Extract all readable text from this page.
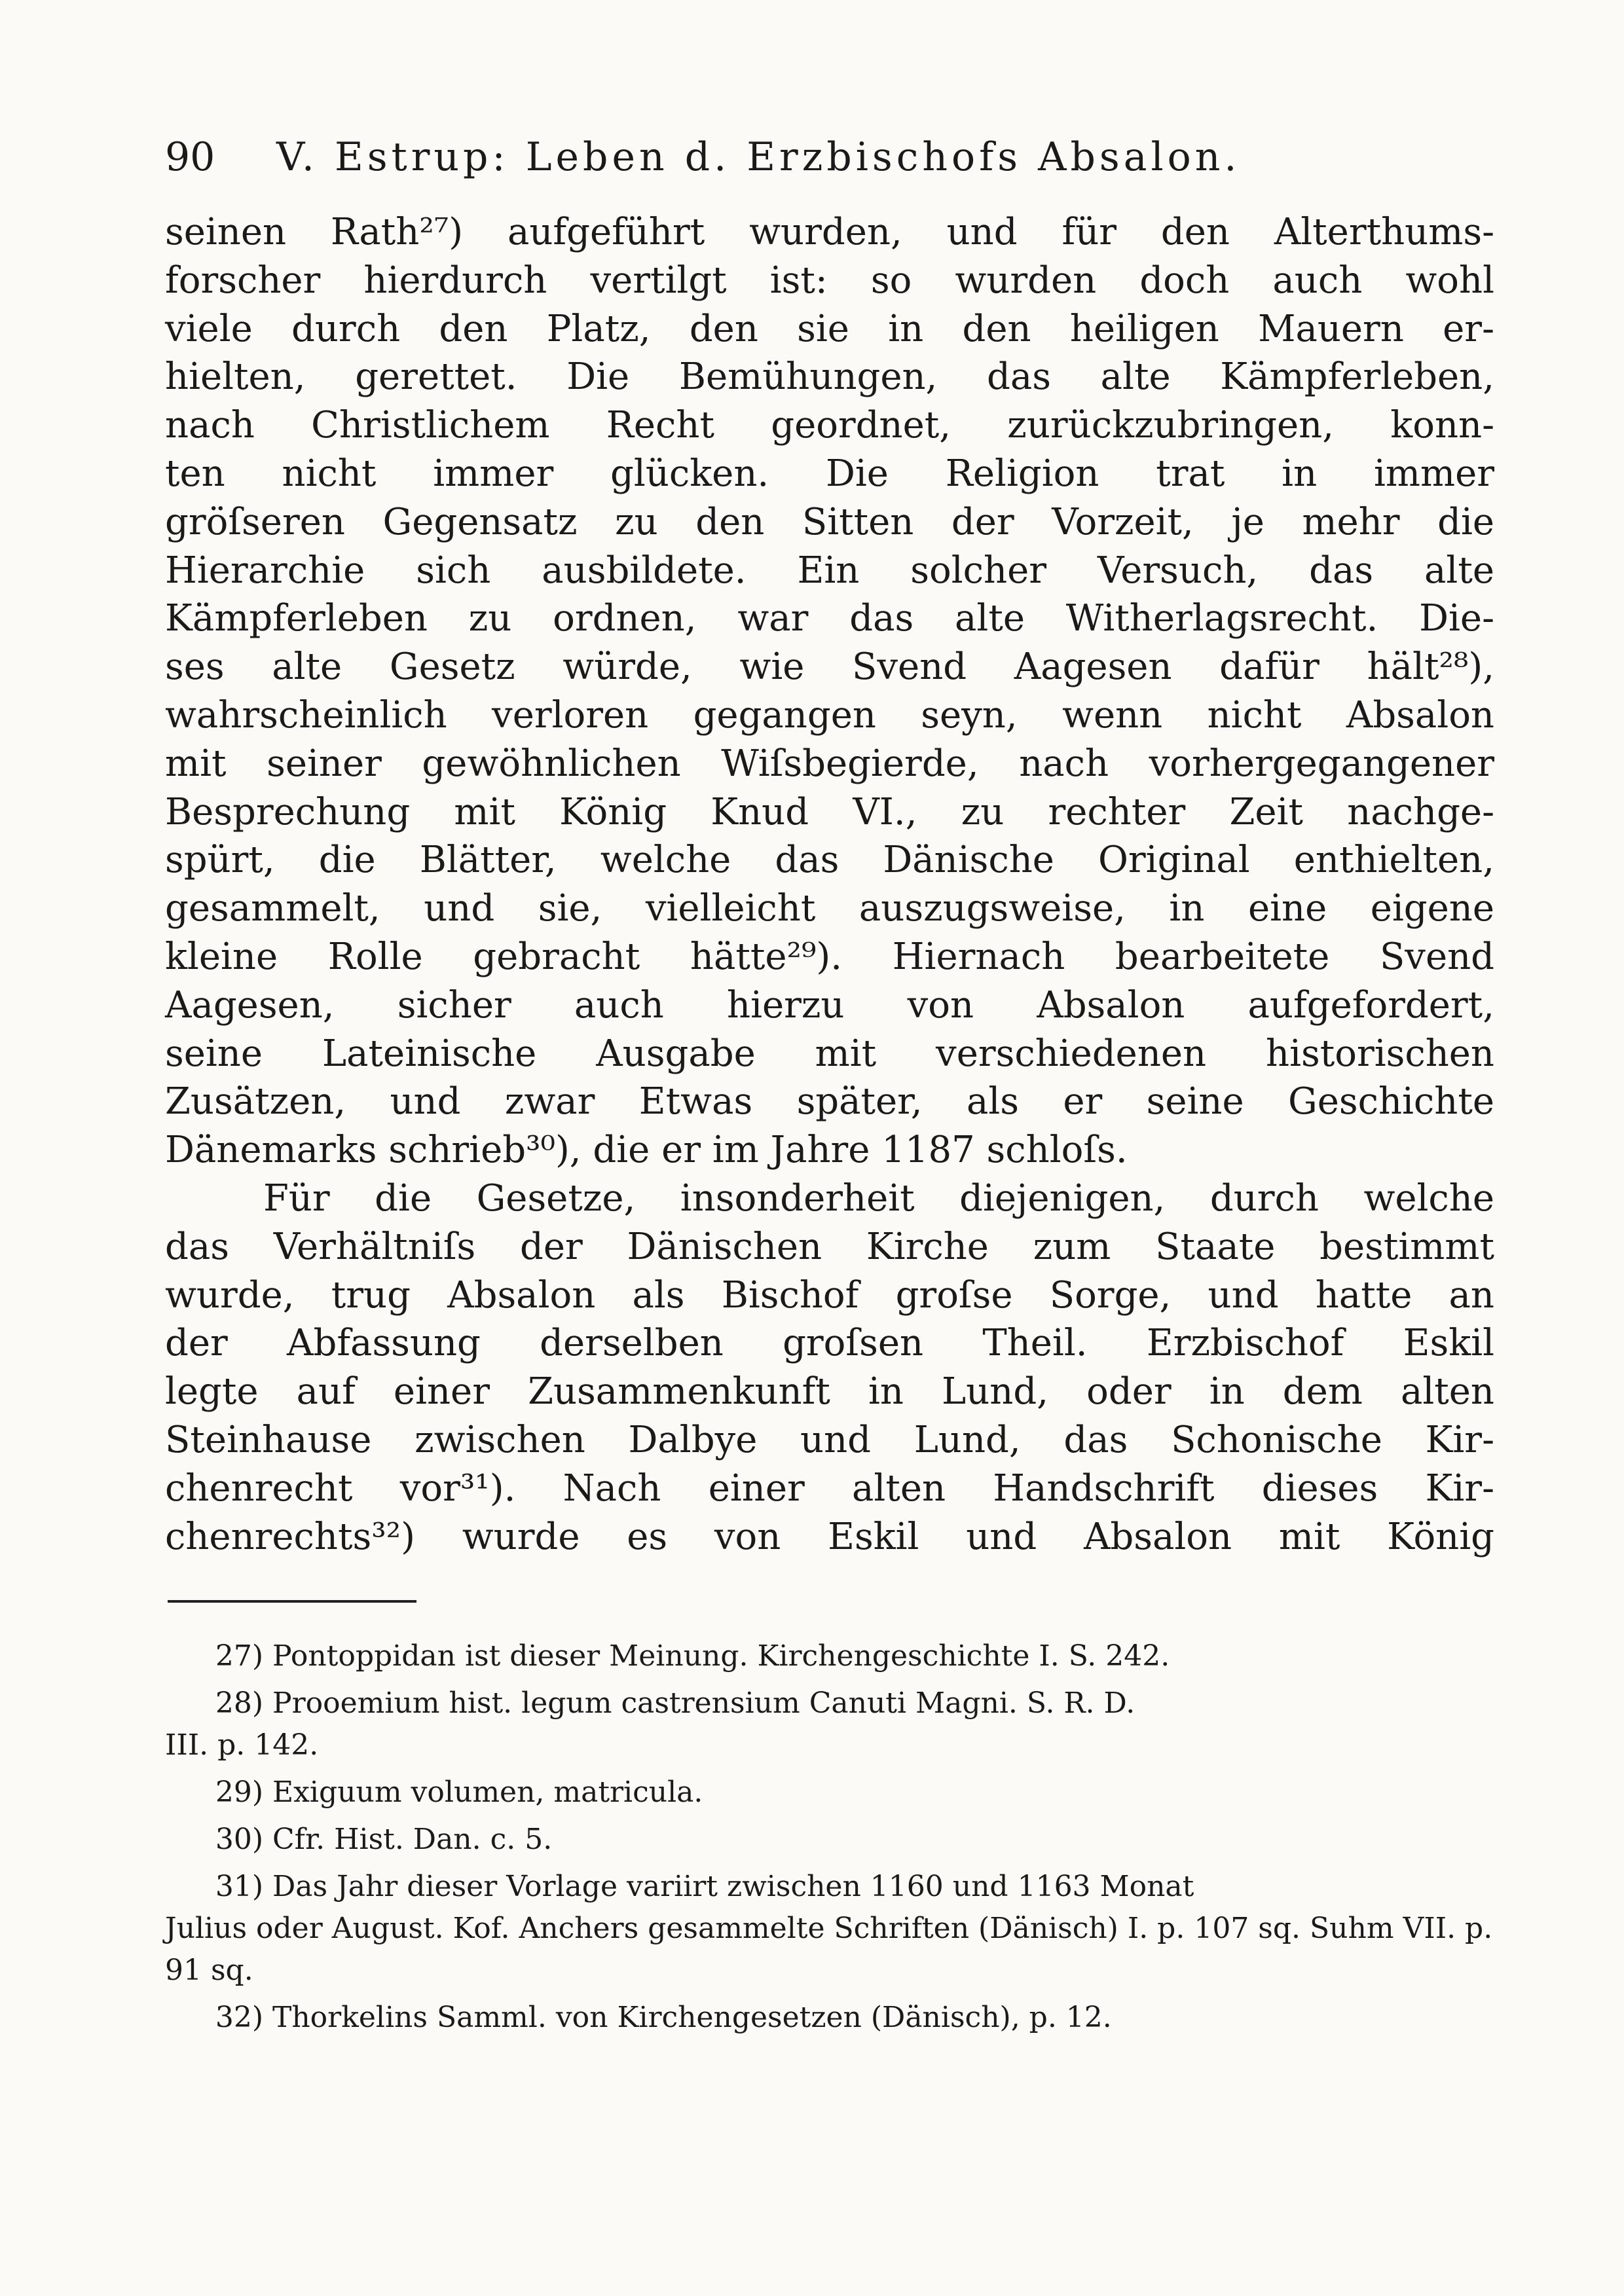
90 V. Estrup: Leben d. Erzbischofs Absalon.
seinen Rath²⁷) aufgeführt wurden, und für den Alterthums-
forscher hierdurch vertilgt ist: so wurden doch auch wohl
viele durch den Platz, den sie in den heiligen Mauern er-
hielten, gerettet. Die Bemühungen, das alte Kämpferleben,
nach Christlichem Recht geordnet, zurückzubringen, konn-
ten nicht immer glücken. Die Religion trat in immer
gröſseren Gegensatz zu den Sitten der Vorzeit, je mehr die
Hierarchie sich ausbildete. Ein solcher Versuch, das alte
Kämpferleben zu ordnen, war das alte Witherlagsrecht. Die-
ses alte Gesetz würde, wie Svend Aagesen dafür hält²⁸),
wahrscheinlich verloren gegangen seyn, wenn nicht Absalon
mit seiner gewöhnlichen Wiſsbegierde, nach vorhergegangener
Besprechung mit König Knud VI., zu rechter Zeit nachge-
spürt, die Blätter, welche das Dänische Original enthielten,
gesammelt, und sie, vielleicht auszugsweise, in eine eigene
kleine Rolle gebracht hätte²⁹). Hiernach bearbeitete Svend
Aagesen, sicher auch hierzu von Absalon aufgefordert,
seine Lateinische Ausgabe mit verschiedenen historischen
Zusätzen, und zwar Etwas später, als er seine Geschichte
Dänemarks schrieb³⁰), die er im Jahre 1187 schloſs.
Für die Gesetze, insonderheit diejenigen, durch welche
das Verhältniſs der Dänischen Kirche zum Staate bestimmt
wurde, trug Absalon als Bischof groſse Sorge, und hatte an
der Abfassung derselben groſsen Theil. Erzbischof Eskil
legte auf einer Zusammenkunft in Lund, oder in dem alten
Steinhause zwischen Dalbye und Lund, das Schonische Kir-
chenrecht vor³¹). Nach einer alten Handschrift dieses Kir-
chenrechts³²) wurde es von Eskil und Absalon mit König
27) Pontoppidan ist dieser Meinung. Kirchengeschichte I. S. 242.
28) Prooemium hist. legum castrensium Canuti Magni. S. R. D.
III. p. 142.
29) Exiguum volumen, matricula.
30) Cfr. Hist. Dan. c. 5.
31) Das Jahr dieser Vorlage variirt zwischen 1160 und 1163 Monat
Julius oder August. Kof. Anchers gesammelte Schriften (Dänisch) I. p. 107 sq. Suhm VII. p. 91 sq.
32) Thorkelins Samml. von Kirchengesetzen (Dänisch), p. 12.
